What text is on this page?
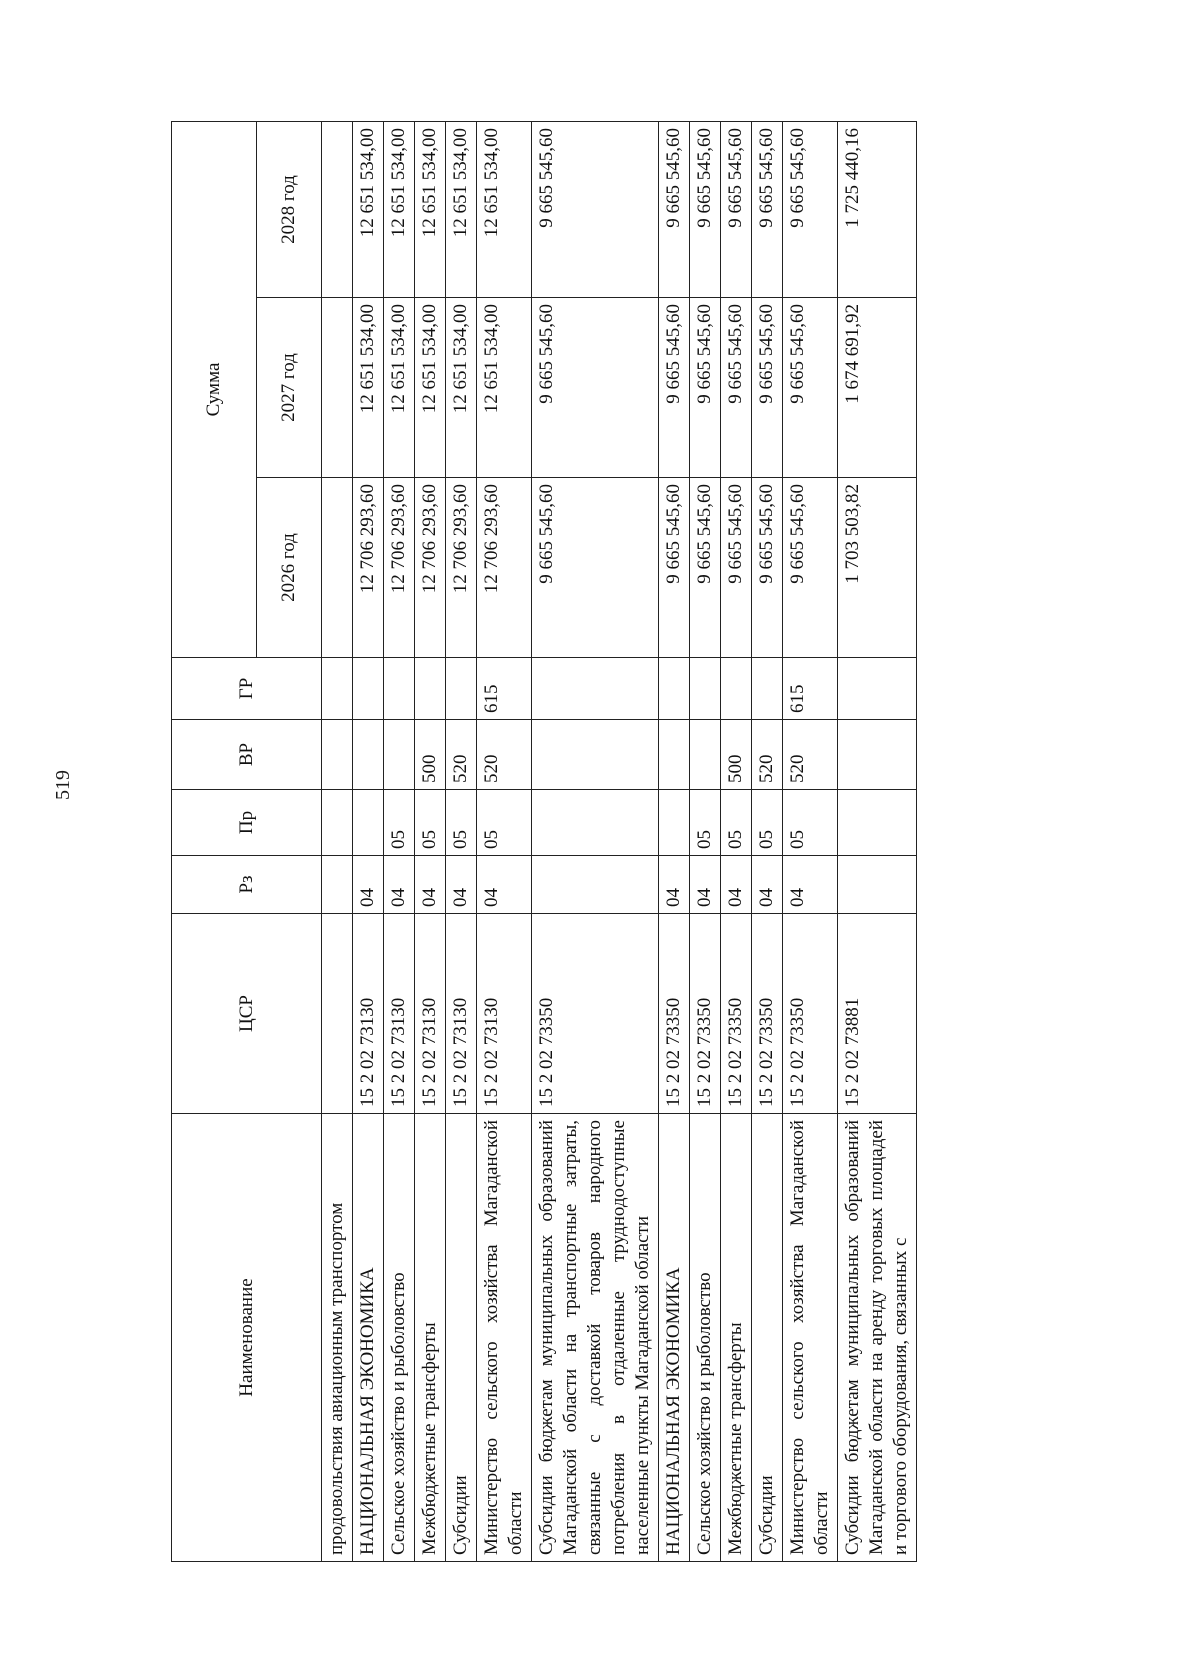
519
Наименование	ЦСР	Рз	Пр	ВР	ГР	Сумма		
						2026 год	2027 год	2028 год
продовольствия авиационным транспортом								
НАЦИОНАЛЬНАЯ ЭКОНОМИКА	15 2 02 73130	04				12 706 293,60	12 651 534,00	12 651 534,00
Сельское хозяйство и рыболовство	15 2 02 73130	04	05			12 706 293,60	12 651 534,00	12 651 534,00
Межбюджетные трансферты	15 2 02 73130	04	05	500		12 706 293,60	12 651 534,00	12 651 534,00
Субсидии	15 2 02 73130	04	05	520		12 706 293,60	12 651 534,00	12 651 534,00
Министерство сельского хозяйства Магаданской области	15 2 02 73130	04	05	520	615	12 706 293,60	12 651 534,00	12 651 534,00
Субсидии бюджетам муниципальных образований Магаданской области на транспортные затраты, связанные с доставкой товаров народного потребления в отдаленные труднодоступные населенные пункты Магаданской области	15 2 02 73350					9 665 545,60	9 665 545,60	9 665 545,60
НАЦИОНАЛЬНАЯ ЭКОНОМИКА	15 2 02 73350	04				9 665 545,60	9 665 545,60	9 665 545,60
Сельское хозяйство и рыболовство	15 2 02 73350	04	05			9 665 545,60	9 665 545,60	9 665 545,60
Межбюджетные трансферты	15 2 02 73350	04	05	500		9 665 545,60	9 665 545,60	9 665 545,60
Субсидии	15 2 02 73350	04	05	520		9 665 545,60	9 665 545,60	9 665 545,60
Министерство сельского хозяйства Магаданской области	15 2 02 73350	04	05	520	615	9 665 545,60	9 665 545,60	9 665 545,60
Субсидии бюджетам муниципальных образований Магаданской области на аренду торговых площадей и торгового оборудования, связанных с	15 2 02 73881					1 703 503,82	1 674 691,92	1 725 440,16
